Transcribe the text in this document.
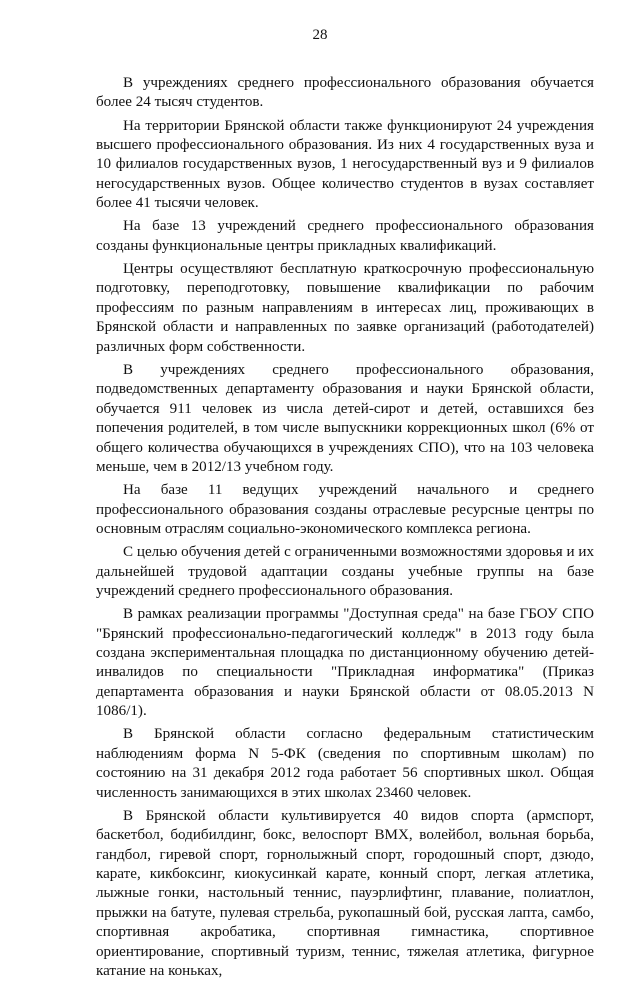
28

В учреждениях среднего профессионального образования обучается более 24 тысяч студентов.

На территории Брянской области также функционируют 24 учреждения высшего профессионального образования. Из них 4 государственных вуза и 10 филиалов государственных вузов, 1 негосударственный вуз и 9 филиалов негосударственных вузов. Общее количество студентов в вузах составляет более 41 тысячи человек.

На базе 13 учреждений среднего профессионального образования созданы функциональные центры прикладных квалификаций.

Центры осуществляют бесплатную краткосрочную профессиональную подготовку, переподготовку, повышение квалификации по рабочим профессиям по разным направлениям в интересах лиц, проживающих в Брянской области и направленных по заявке организаций (работодателей) различных форм собственности.

В учреждениях среднего профессионального образования, подведомственных департаменту образования и науки Брянской области, обучается 911 человек из числа детей-сирот и детей, оставшихся без попечения родителей, в том числе выпускники коррекционных школ (6% от общего количества обучающихся в учреждениях СПО), что на 103 человека меньше, чем в 2012/13 учебном году.

На базе 11 ведущих учреждений начального и среднего профессионального образования созданы отраслевые ресурсные центры по основным отраслям социально-экономического комплекса региона.

С целью обучения детей с ограниченными возможностями здоровья и их дальнейшей трудовой адаптации созданы учебные группы на базе учреждений среднего профессионального образования.

В рамках реализации программы "Доступная среда" на базе ГБОУ СПО "Брянский профессионально-педагогический колледж" в 2013 году была создана экспериментальная площадка по дистанционному обучению детей-инвалидов по специальности "Прикладная информатика" (Приказ департамента образования и науки Брянской области от 08.05.2013 N 1086/1).

В Брянской области согласно федеральным статистическим наблюдениям форма N 5-ФК (сведения по спортивным школам) по состоянию на 31 декабря 2012 года работает 56 спортивных школ. Общая численность занимающихся в этих школах 23460 человек.

В Брянской области культивируется 40 видов спорта (армспорт, баскетбол, бодибилдинг, бокс, велоспорт ВМХ, волейбол, вольная борьба, гандбол, гиревой спорт, горнолыжный спорт, городошный спорт, дзюдо, карате, кикбоксинг, киокусинкай карате, конный спорт, легкая атлетика, лыжные гонки, настольный теннис, пауэрлифтинг, плавание, полиатлон, прыжки на батуте, пулевая стрельба, рукопашный бой, русская лапта, самбо, спортивная акробатика, спортивная гимнастика, спортивное ориентирование, спортивный туризм, теннис, тяжелая атлетика, фигурное катание на коньках,
